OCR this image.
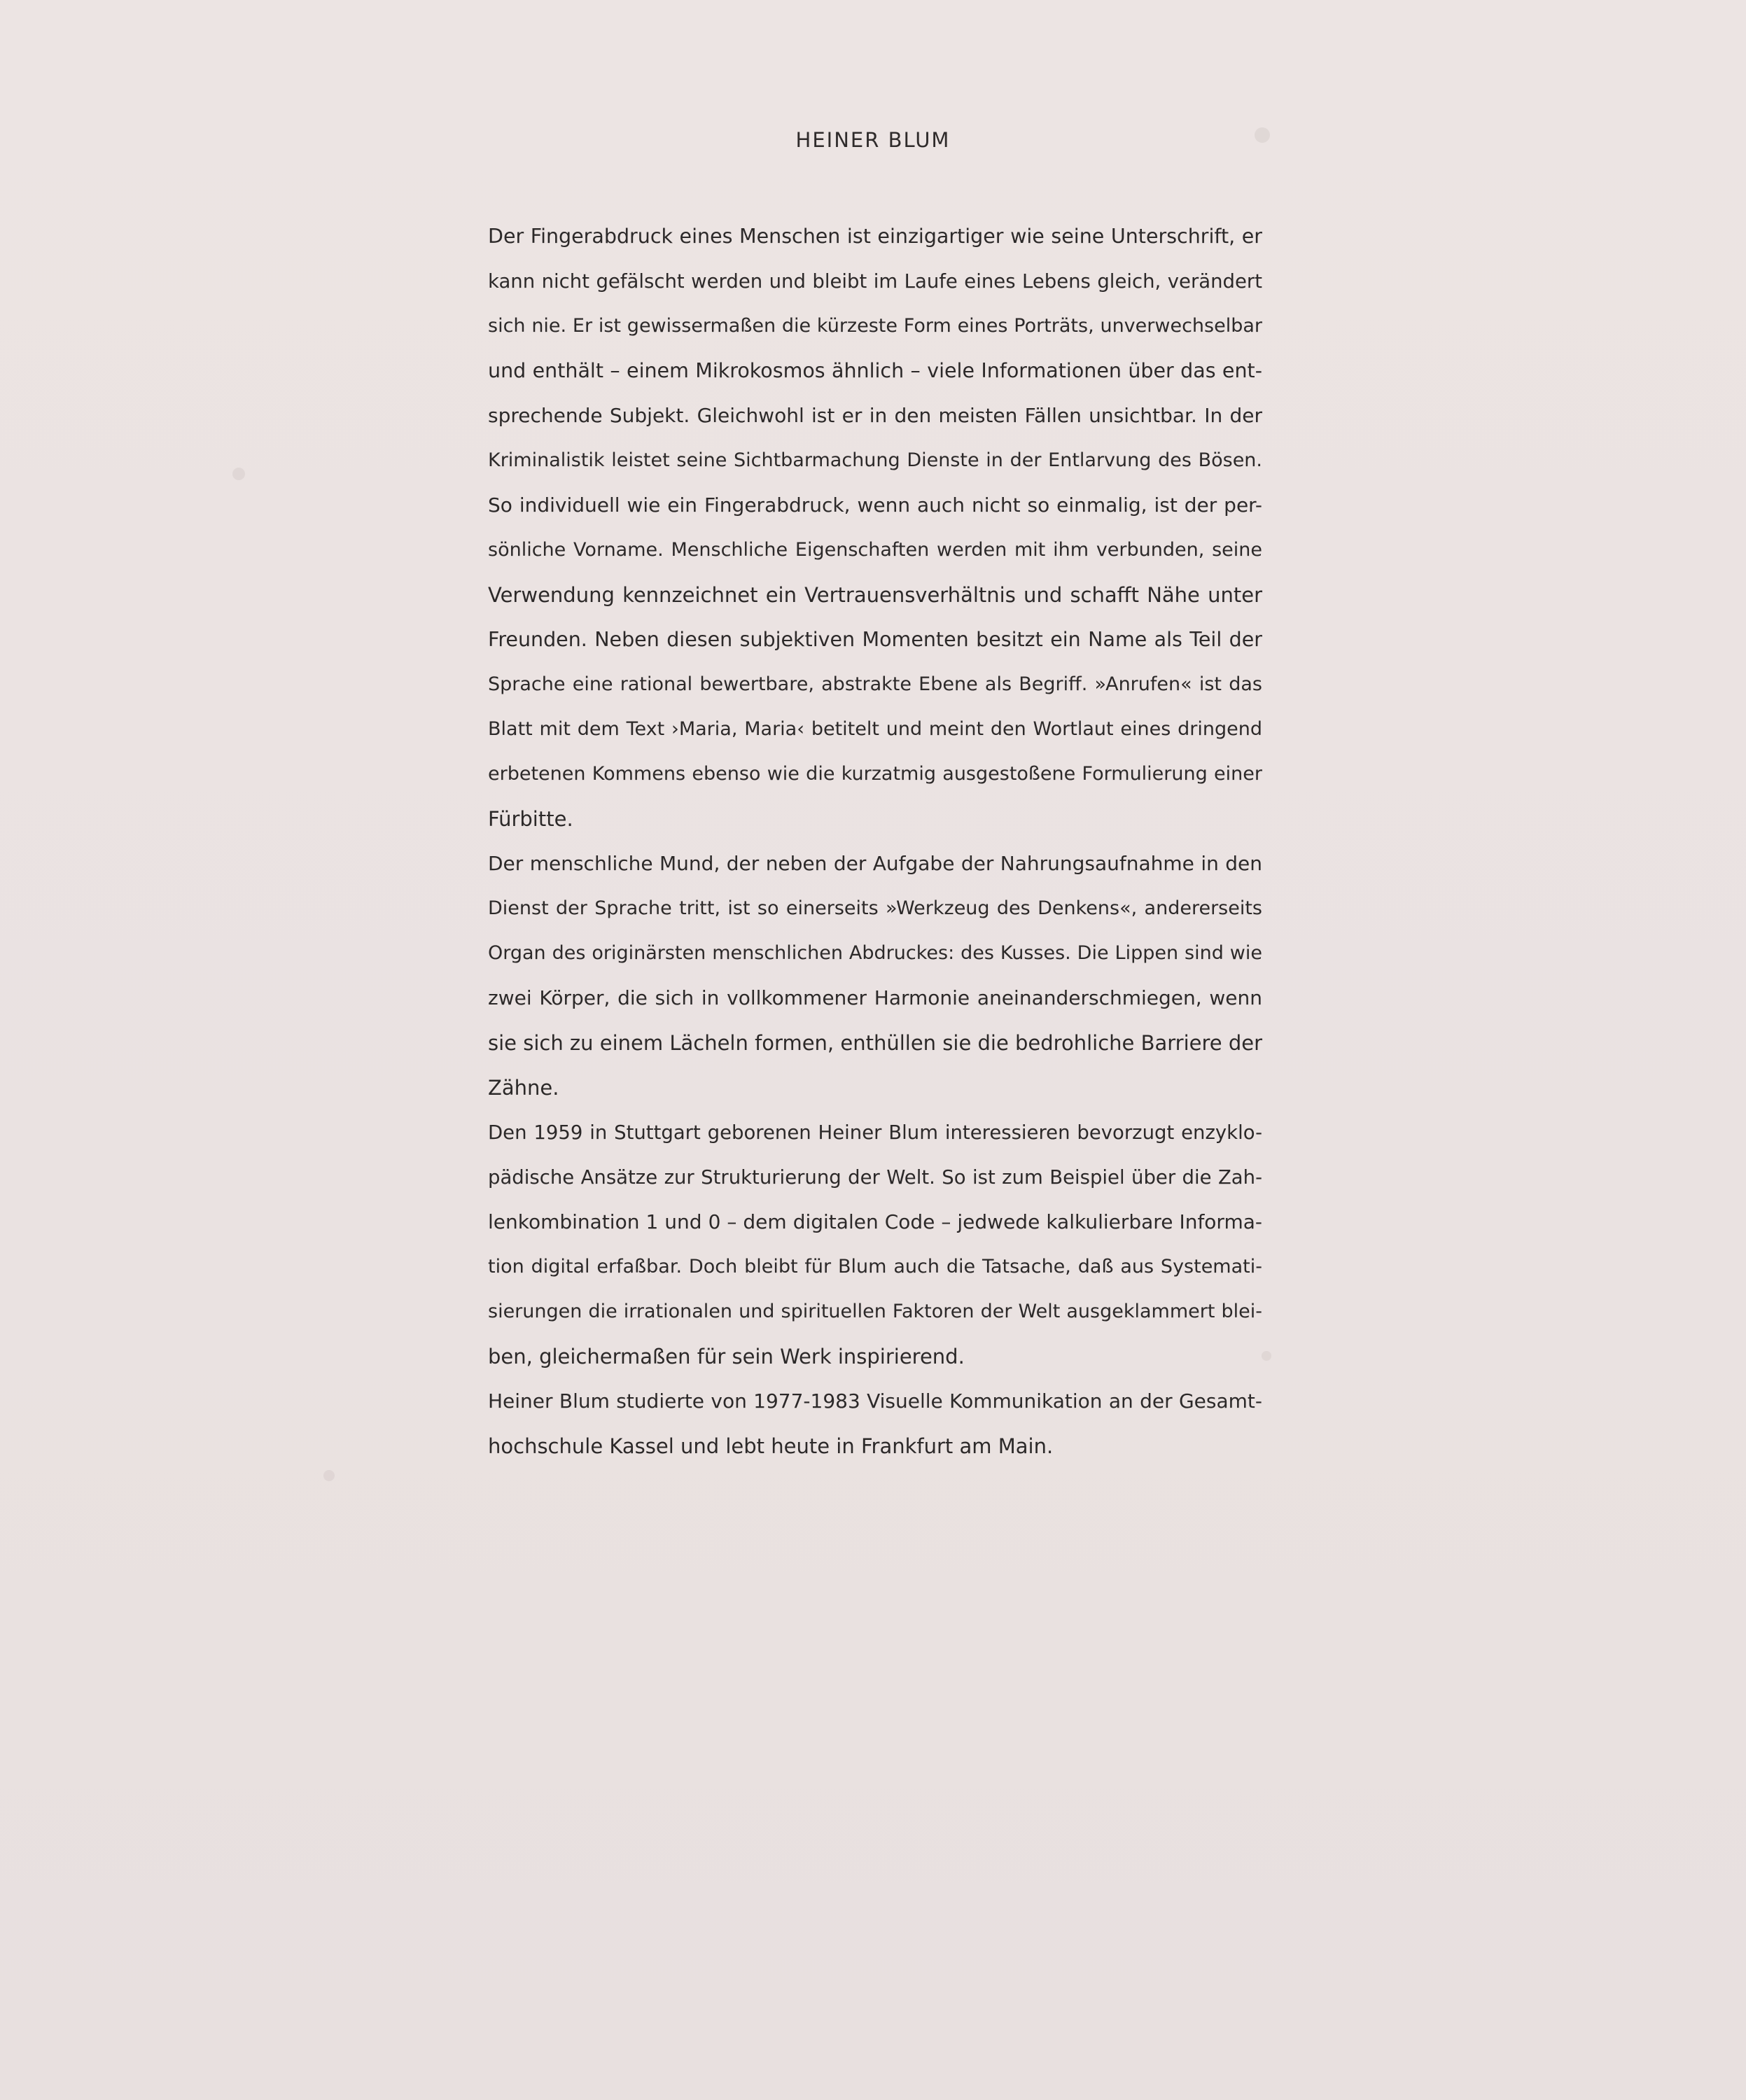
HEINER BLUM
Der Fingerabdruck eines Menschen ist einzigartiger wie seine Unterschrift, er
kann nicht gefälscht werden und bleibt im Laufe eines Lebens gleich, verändert
sich nie. Er ist gewissermaßen die kürzeste Form eines Porträts, unverwechselbar
und enthält – einem Mikrokosmos ähnlich – viele Informationen über das ent-
sprechende Subjekt. Gleichwohl ist er in den meisten Fällen unsichtbar. In der
Kriminalistik leistet seine Sichtbarmachung Dienste in der Entlarvung des Bösen.
So individuell wie ein Fingerabdruck, wenn auch nicht so einmalig, ist der per-
sönliche Vorname. Menschliche Eigenschaften werden mit ihm verbunden, seine
Verwendung kennzeichnet ein Vertrauensverhältnis und schafft Nähe unter
Freunden. Neben diesen subjektiven Momenten besitzt ein Name als Teil der
Sprache eine rational bewertbare, abstrakte Ebene als Begriff. »Anrufen« ist das
Blatt mit dem Text ›Maria, Maria‹ betitelt und meint den Wortlaut eines dringend
erbetenen Kommens ebenso wie die kurzatmig ausgestoßene Formulierung einer
Fürbitte.
Der menschliche Mund, der neben der Aufgabe der Nahrungsaufnahme in den
Dienst der Sprache tritt, ist so einerseits »Werkzeug des Denkens«, andererseits
Organ des originärsten menschlichen Abdruckes: des Kusses. Die Lippen sind wie
zwei Körper, die sich in vollkommener Harmonie aneinanderschmiegen, wenn
sie sich zu einem Lächeln formen, enthüllen sie die bedrohliche Barriere der
Zähne.
Den 1959 in Stuttgart geborenen Heiner Blum interessieren bevorzugt enzyklo-
pädische Ansätze zur Strukturierung der Welt. So ist zum Beispiel über die Zah-
lenkombination 1 und 0 – dem digitalen Code – jedwede kalkulierbare Informa-
tion digital erfaßbar. Doch bleibt für Blum auch die Tatsache, daß aus Systemati-
sierungen die irrationalen und spirituellen Faktoren der Welt ausgeklammert blei-
ben, gleichermaßen für sein Werk inspirierend.
Heiner Blum studierte von 1977-1983 Visuelle Kommunikation an der Gesamt-
hochschule Kassel und lebt heute in Frankfurt am Main.
